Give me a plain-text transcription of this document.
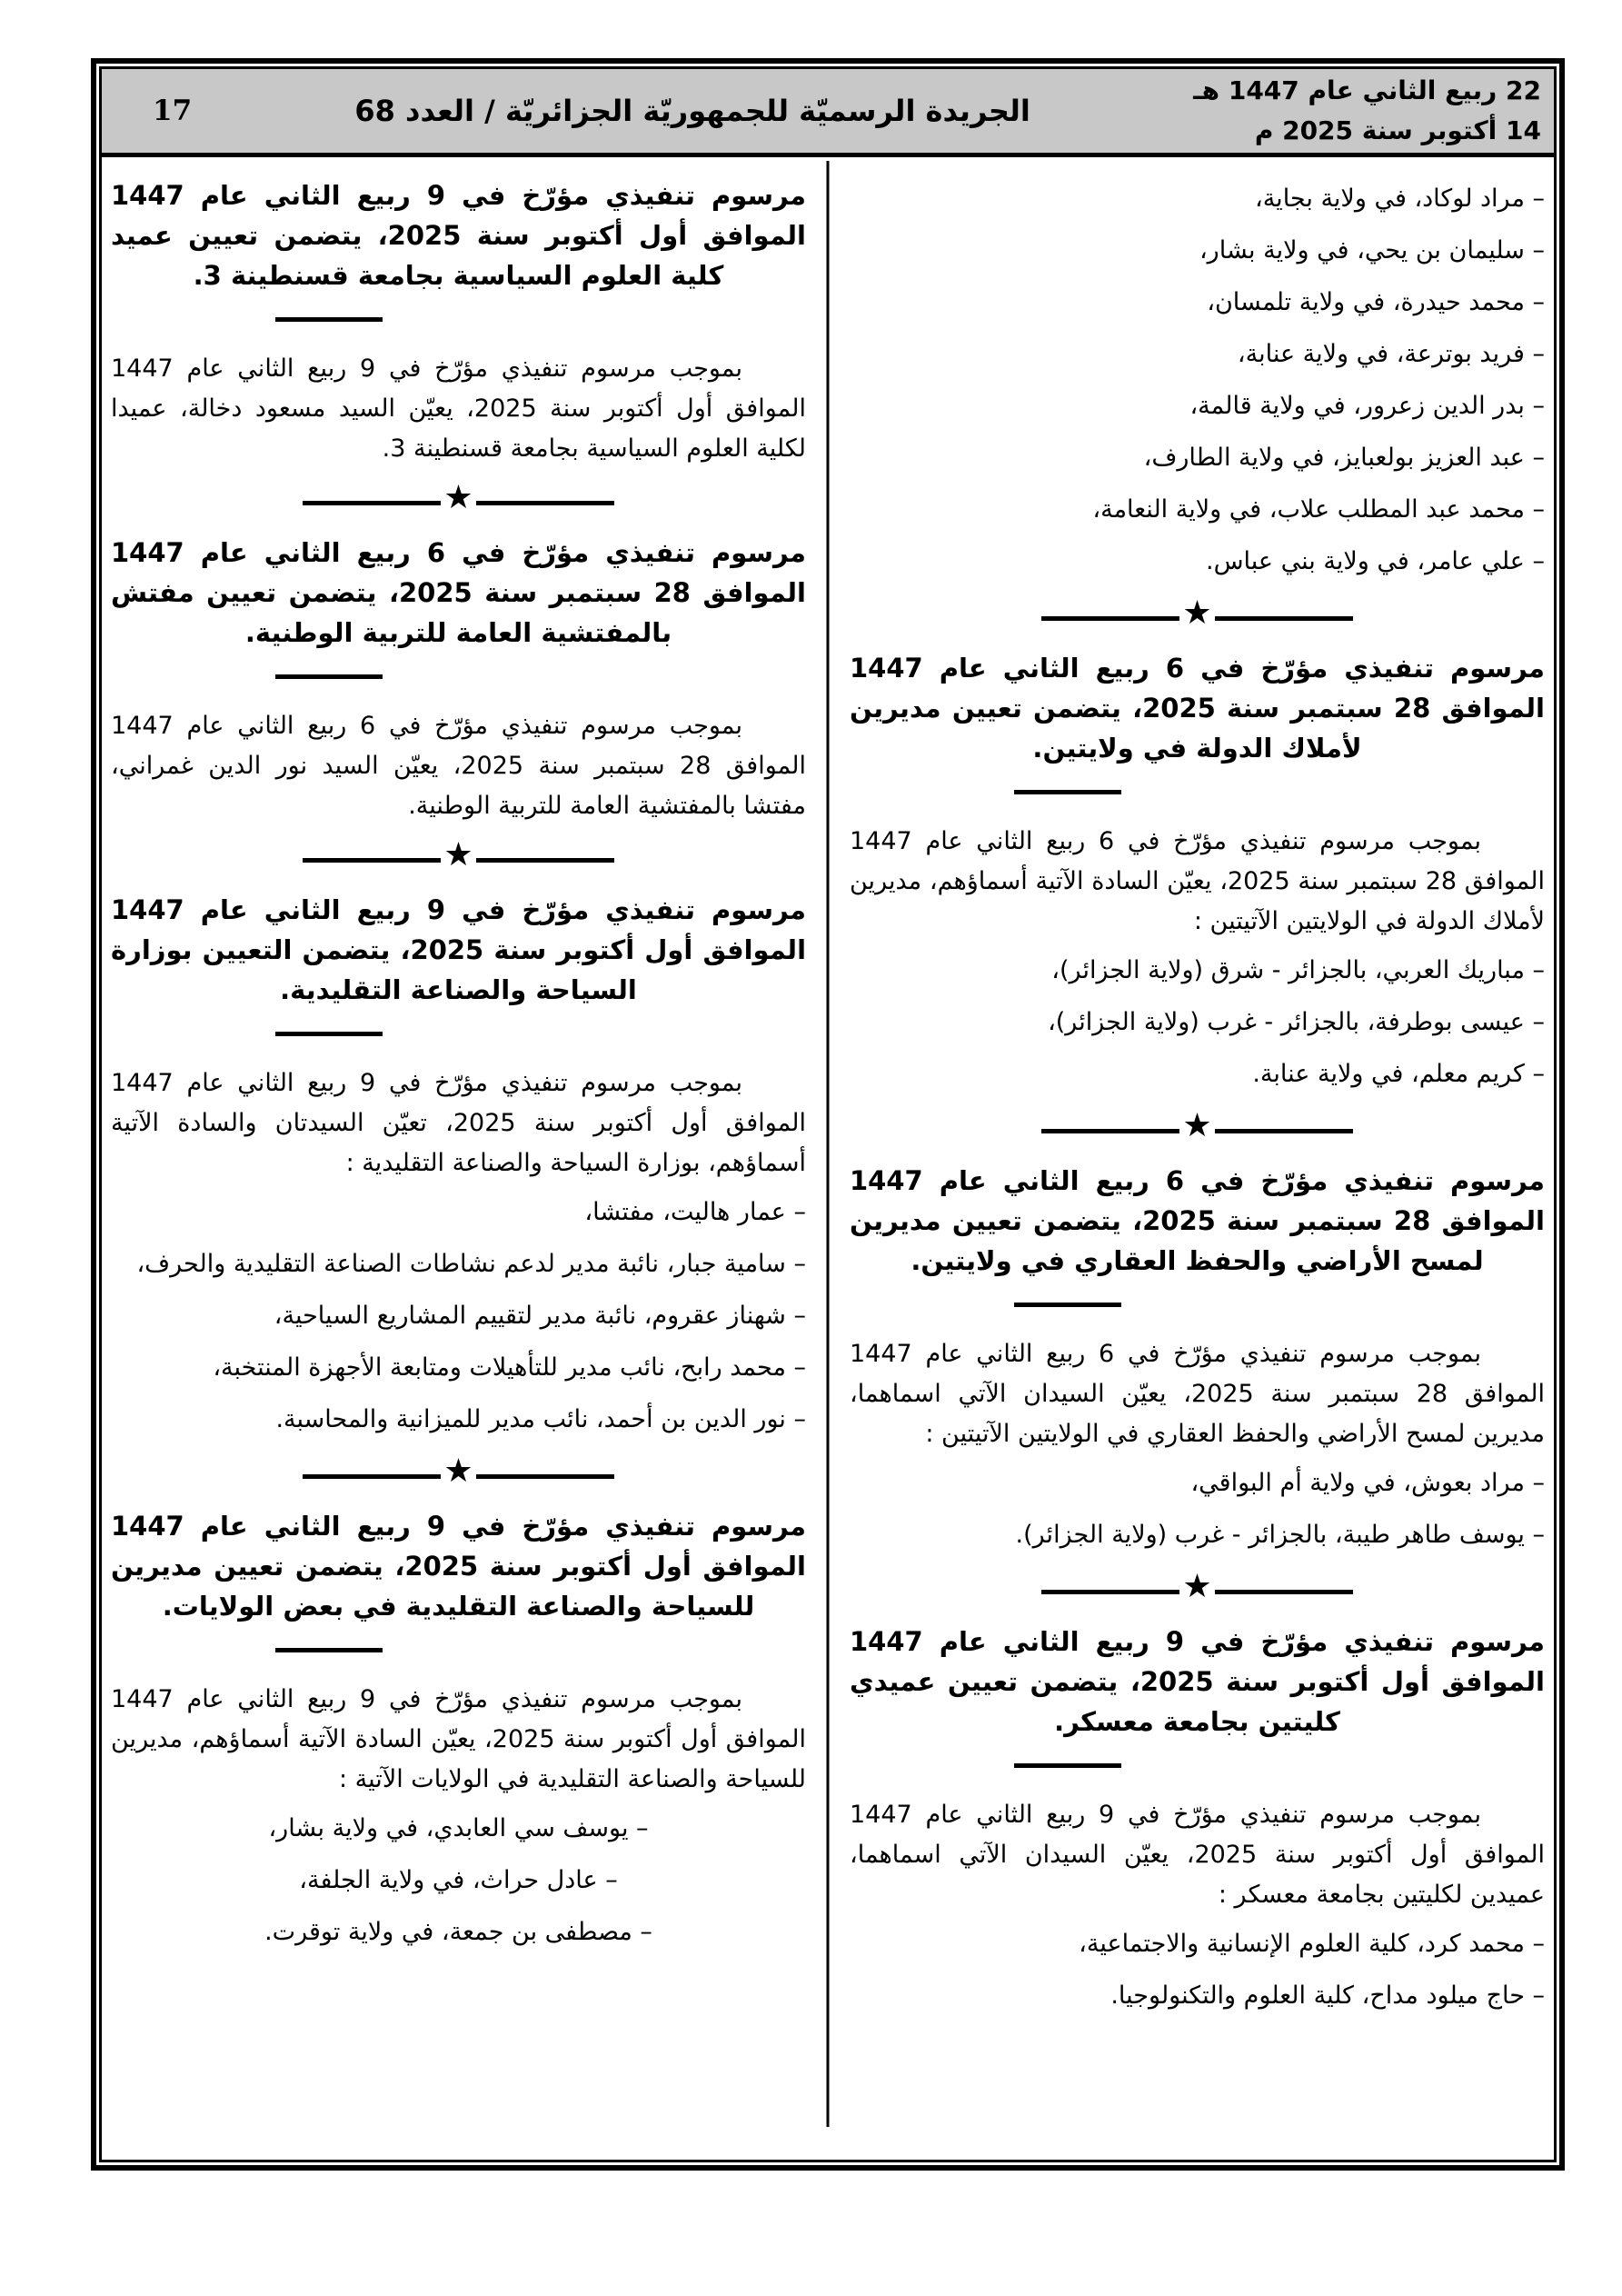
22 ربيع الثاني عام 1447 هـ
14 أكتوبر سنة 2025 م
الجريدة الرسميّة للجمهوريّة الجزائريّة / العدد 68
17
– مراد لوكاد، في ولاية بجاية،
– سليمان بن يحي، في ولاية بشار،
– محمد حيدرة، في ولاية تلمسان،
– فريد بوترعة، في ولاية عنابة،
– بدر الدين زعرور، في ولاية قالمة،
– عبد العزيز بولعبايز، في ولاية الطارف،
– محمد عبد المطلب علاب، في ولاية النعامة،
– علي عامر، في ولاية بني عباس.
★
مرسوم تنفيذي مؤرّخ في 6 ربيع الثاني عام 1447 الموافق 28 سبتمبر سنة 2025، يتضمن تعيين مديرين لأملاك الدولة في ولايتين.

بموجب مرسوم تنفيذي مؤرّخ في 6 ربيع الثاني عام 1447 الموافق 28 سبتمبر سنة 2025، يعيّن السادة الآتية أسماؤهم، مديرين لأملاك الدولة في الولايتين الآتيتين :

– مباريك العربي، بالجزائر - شرق (ولاية الجزائر)،
– عيسى بوطرفة، بالجزائر - غرب (ولاية الجزائر)،
– كريم معلم، في ولاية عنابة.
★
مرسوم تنفيذي مؤرّخ في 6 ربيع الثاني عام 1447 الموافق 28 سبتمبر سنة 2025، يتضمن تعيين مديرين لمسح الأراضي والحفظ العقاري في ولايتين.

بموجب مرسوم تنفيذي مؤرّخ في 6 ربيع الثاني عام 1447 الموافق 28 سبتمبر سنة 2025، يعيّن السيدان الآتي اسماهما، مديرين لمسح الأراضي والحفظ العقاري في الولايتين الآتيتين :

– مراد بعوش، في ولاية أم البواقي،
– يوسف طاهر طيبة، بالجزائر - غرب (ولاية الجزائر).
★
مرسوم تنفيذي مؤرّخ في 9 ربيع الثاني عام 1447 الموافق أول أكتوبر سنة 2025، يتضمن تعيين عميدي كليتين بجامعة معسكر.

بموجب مرسوم تنفيذي مؤرّخ في 9 ربيع الثاني عام 1447 الموافق أول أكتوبر سنة 2025، يعيّن السيدان الآتي اسماهما، عميدين لكليتين بجامعة معسكر :

– محمد كرد، كلية العلوم الإنسانية والاجتماعية،
– حاج ميلود مداح، كلية العلوم والتكنولوجيا.
مرسوم تنفيذي مؤرّخ في 9 ربيع الثاني عام 1447 الموافق أول أكتوبر سنة 2025، يتضمن تعيين عميد كلية العلوم السياسية بجامعة قسنطينة 3.

بموجب مرسوم تنفيذي مؤرّخ في 9 ربيع الثاني عام 1447 الموافق أول أكتوبر سنة 2025، يعيّن السيد مسعود دخالة، عميدا لكلية العلوم السياسية بجامعة قسنطينة 3.

★
مرسوم تنفيذي مؤرّخ في 6 ربيع الثاني عام 1447 الموافق 28 سبتمبر سنة 2025، يتضمن تعيين مفتش بالمفتشية العامة للتربية الوطنية.

بموجب مرسوم تنفيذي مؤرّخ في 6 ربيع الثاني عام 1447 الموافق 28 سبتمبر سنة 2025، يعيّن السيد نور الدين غمراني، مفتشا بالمفتشية العامة للتربية الوطنية.

★
مرسوم تنفيذي مؤرّخ في 9 ربيع الثاني عام 1447 الموافق أول أكتوبر سنة 2025، يتضمن التعيين بوزارة السياحة والصناعة التقليدية.

بموجب مرسوم تنفيذي مؤرّخ في 9 ربيع الثاني عام 1447 الموافق أول أكتوبر سنة 2025، تعيّن السيدتان والسادة الآتية أسماؤهم، بوزارة السياحة والصناعة التقليدية :

– عمار هاليت، مفتشا،
– سامية جبار، نائبة مدير لدعم نشاطات الصناعة التقليدية والحرف،
– شهناز عقروم، نائبة مدير لتقييم المشاريع السياحية،
– محمد رابح، نائب مدير للتأهيلات ومتابعة الأجهزة المنتخبة،
– نور الدين بن أحمد، نائب مدير للميزانية والمحاسبة.
★
مرسوم تنفيذي مؤرّخ في 9 ربيع الثاني عام 1447 الموافق أول أكتوبر سنة 2025، يتضمن تعيين مديرين للسياحة والصناعة التقليدية في بعض الولايات.

بموجب مرسوم تنفيذي مؤرّخ في 9 ربيع الثاني عام 1447 الموافق أول أكتوبر سنة 2025، يعيّن السادة الآتية أسماؤهم، مديرين للسياحة والصناعة التقليدية في الولايات الآتية :

– يوسف سي العابدي، في ولاية بشار،
– عادل حراث، في ولاية الجلفة،
– مصطفى بن جمعة، في ولاية توقرت.
